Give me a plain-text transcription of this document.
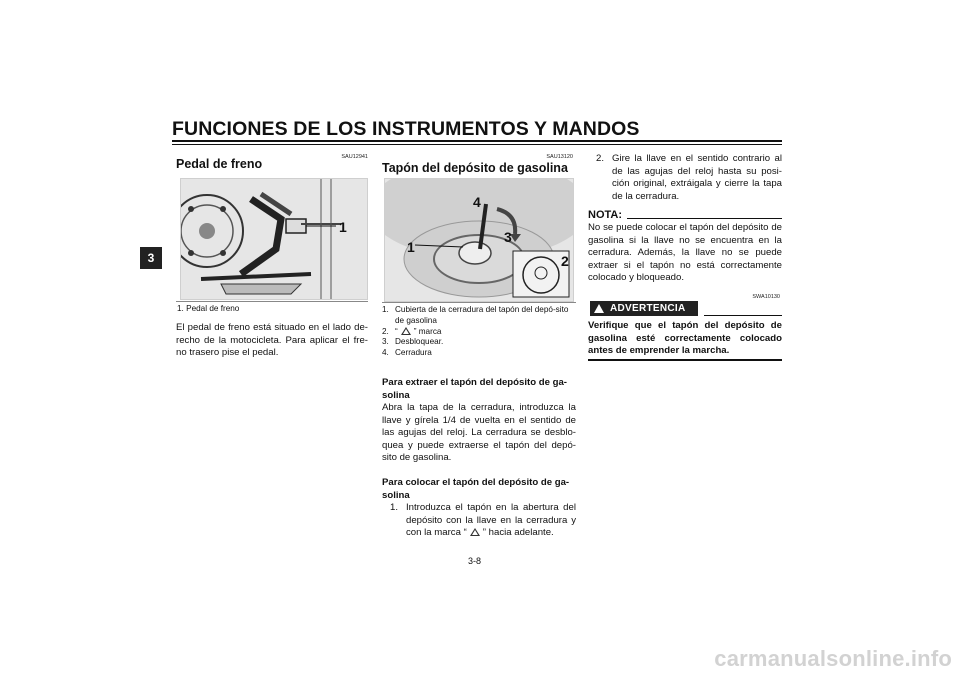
FUNCIONES DE LOS INSTRUMENTOS Y MANDOS
3
SAU12941
Pedal de freno
1
1. Pedal de freno
El pedal de freno está situado en el lado de-recho de la motocicleta. Para aplicar el fre-no trasero pise el pedal.
SAU13120
Tapón del depósito de gasolina
1
2
3
4
1. Cubierta de la cerradura del tapón del depó-sito de gasolina
2. “ ” marca
3. Desbloquear.
4. Cerradura
Para extraer el tapón del depósito de ga-solina
Abra la tapa de la cerradura, introduzca la llave y gírela 1/4 de vuelta en el sentido de las agujas del reloj. La cerradura se desblo-quea y puede extraerse el tapón del depó-sito de gasolina.
Para colocar el tapón del depósito de ga-solina
1. Introduzca el tapón en la abertura del depósito con la llave en la cerradura y con la marca “ ” hacia adelante.
2. Gire la llave en el sentido contrario al de las agujas del reloj hasta su posi-ción original, extráigala y cierre la tapa de la cerradura.
NOTA:
No se puede colocar el tapón del depósito de gasolina si la llave no se encuentra en la cerradura. Además, la llave no se puede extraer si el tapón no está correctamente colocado y bloqueado.
SWA10130
ADVERTENCIA
Verifique que el tapón del depósito de gasolina esté correctamente colocado antes de emprender la marcha.
3-8
carmanualsonline.info
